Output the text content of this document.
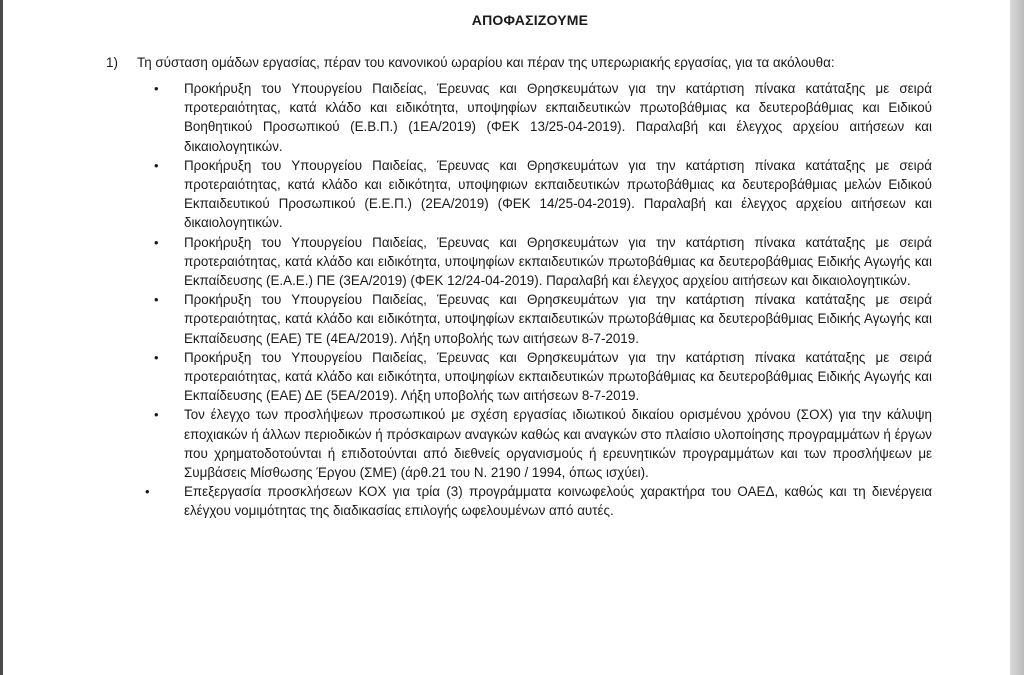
ΑΠΟΦΑΣΙΖΟΥΜΕ
1) Τη σύσταση ομάδων εργασίας, πέραν του κανονικού ωραρίου και πέραν της υπερωριακής εργασίας, για τα ακόλουθα:
• Προκήρυξη του Υπουργείου Παιδείας, Έρευνας και Θρησκευμάτων για την κατάρτιση πίνακα κατάταξης με σειρά προτεραιότητας, κατά κλάδο και ειδικότητα, υποψηφίων εκπαιδευτικών πρωτοβάθμιας κα δευτεροβάθμιας και Ειδικού Βοηθητικού Προσωπικού (Ε.Β.Π.) (1ΕΑ/2019) (ΦΕΚ 13/25-04-2019). Παραλαβή και έλεγχος αρχείου αιτήσεων και δικαιολογητικών.
• Προκήρυξη του Υπουργείου Παιδείας, Έρευνας και Θρησκευμάτων για την κατάρτιση πίνακα κατάταξης με σειρά προτεραιότητας, κατά κλάδο και ειδικότητα, υποψηφιων εκπαιδευτικών πρωτοβάθμιας κα δευτεροβάθμιας μελών Ειδικού Εκπαιδευτικού Προσωπικού (Ε.Ε.Π.) (2ΕΑ/2019) (ΦΕΚ 14/25-04-2019). Παραλαβή και έλεγχος αρχείου αιτήσεων και δικαιολογητικών.
• Προκήρυξη του Υπουργείου Παιδείας, Έρευνας και Θρησκευμάτων για την κατάρτιση πίνακα κατάταξης με σειρά προτεραιότητας, κατά κλάδο και ειδικότητα, υποψηφίων εκπαιδευτικών πρωτοβάθμιας κα δευτεροβάθμιας Ειδικής Αγωγής και Εκπαίδευσης (Ε.Α.Ε.) ΠΕ (3ΕΑ/2019) (ΦΕΚ 12/24-04-2019). Παραλαβή και έλεγχος αρχείου αιτήσεων και δικαιολογητικών.
• Προκήρυξη του Υπουργείου Παιδείας, Έρευνας και Θρησκευμάτων για την κατάρτιση πίνακα κατάταξης με σειρά προτεραιότητας, κατά κλάδο και ειδικότητα, υποψηφίων εκπαιδευτικών πρωτοβάθμιας κα δευτεροβάθμιας Ειδικής Αγωγής και Εκπαίδευσης (ΕΑΕ) ΤΕ (4ΕΑ/2019). Λήξη υποβολής των αιτήσεων 8-7-2019.
• Προκήρυξη του Υπουργείου Παιδείας, Έρευνας και Θρησκευμάτων για την κατάρτιση πίνακα κατάταξης με σειρά προτεραιότητας, κατά κλάδο και ειδικότητα, υποψηφίων εκπαιδευτικών πρωτοβάθμιας κα δευτεροβάθμιας Ειδικής Αγωγής και Εκπαίδευσης (ΕΑΕ) ΔΕ (5ΕΑ/2019). Λήξη υποβολής των αιτήσεων 8-7-2019.
• Τον έλεγχο των προσλήψεων προσωπικού με σχέση εργασίας ιδιωτικού δικαίου ορισμένου χρόνου (ΣΟΧ) για την κάλυψη εποχιακών ή άλλων περιοδικών ή πρόσκαιρων αναγκών καθώς και αναγκών στο πλαίσιο υλοποίησης προγραμμάτων ή έργων που χρηματοδοτούνται ή επιδοτούνται από διεθνείς οργανισμούς ή ερευνητικών προγραμμάτων και των προσλήψεων με Συμβάσεις Μίσθωσης Έργου (ΣΜΕ) (άρθ.21 του Ν. 2190 / 1994, όπως ισχύει).
•	Επεξεργασία προσκλήσεων ΚΟΧ για τρία (3) προγράμματα κοινωφελούς χαρακτήρα του ΟΑΕΔ, καθώς και τη διενέργεια ελέγχου νομιμότητας της διαδικασίας επιλογής ωφελουμένων από αυτές.
